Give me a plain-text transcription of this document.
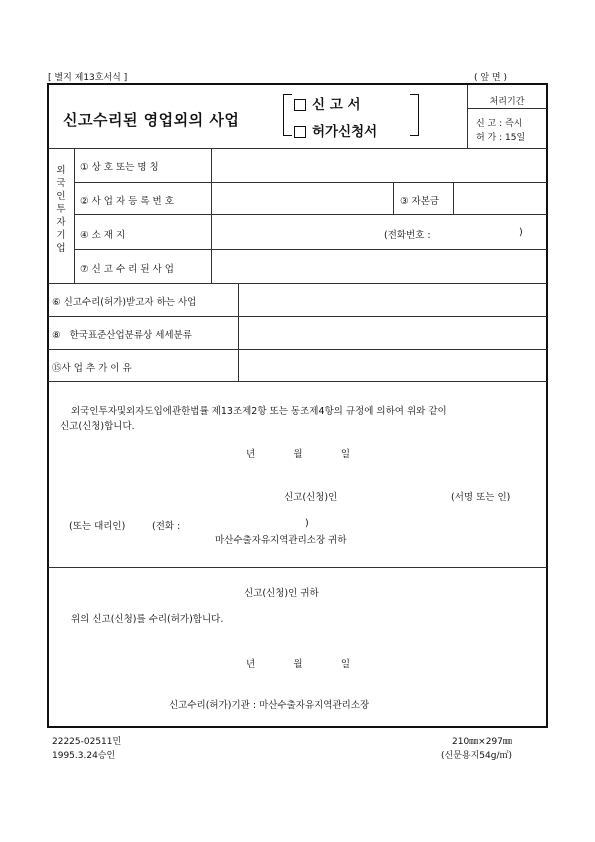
[ 별지 제13호서식 ]	( 앞 면 )
신고수리된 영업외의 사업
신 고 서
허가신청서
처리기간
신 고 : 즉시
허 가 : 15일
외
국
인
투
자
기
업
① 상 호 또는 명 칭
② 사 업 자 등 록 번 호	③ 자본금
④ 소 재 지	(전화번호 :	)
⑦ 신 고 수 리 된 사 업
⑥ 신고수리(허가)받고자 하는 사업
⑧ 한국표준산업분류상 세세분류
⑮사 업 추 가 이 유
외국인투자및외자도입에관한법률 제13조제2항 또는 동조제4항의 규정에 의하여 위와 같이
신고(신청)합니다.
년	월	일
신고(신청)인	(서명 또는 인)
(또는 대리인)	(전화 :	)
마산수출자유지역관리소장 귀하
신고(신청)인 귀하
위의 신고(신청)를 수리(허가)합니다.
년	월	일
신고수리(허가)기관 : 마산수출자유지역관리소장
22225-02511민
1995.3.24승인
210㎜×297㎜
(신문용지54g/㎡)
